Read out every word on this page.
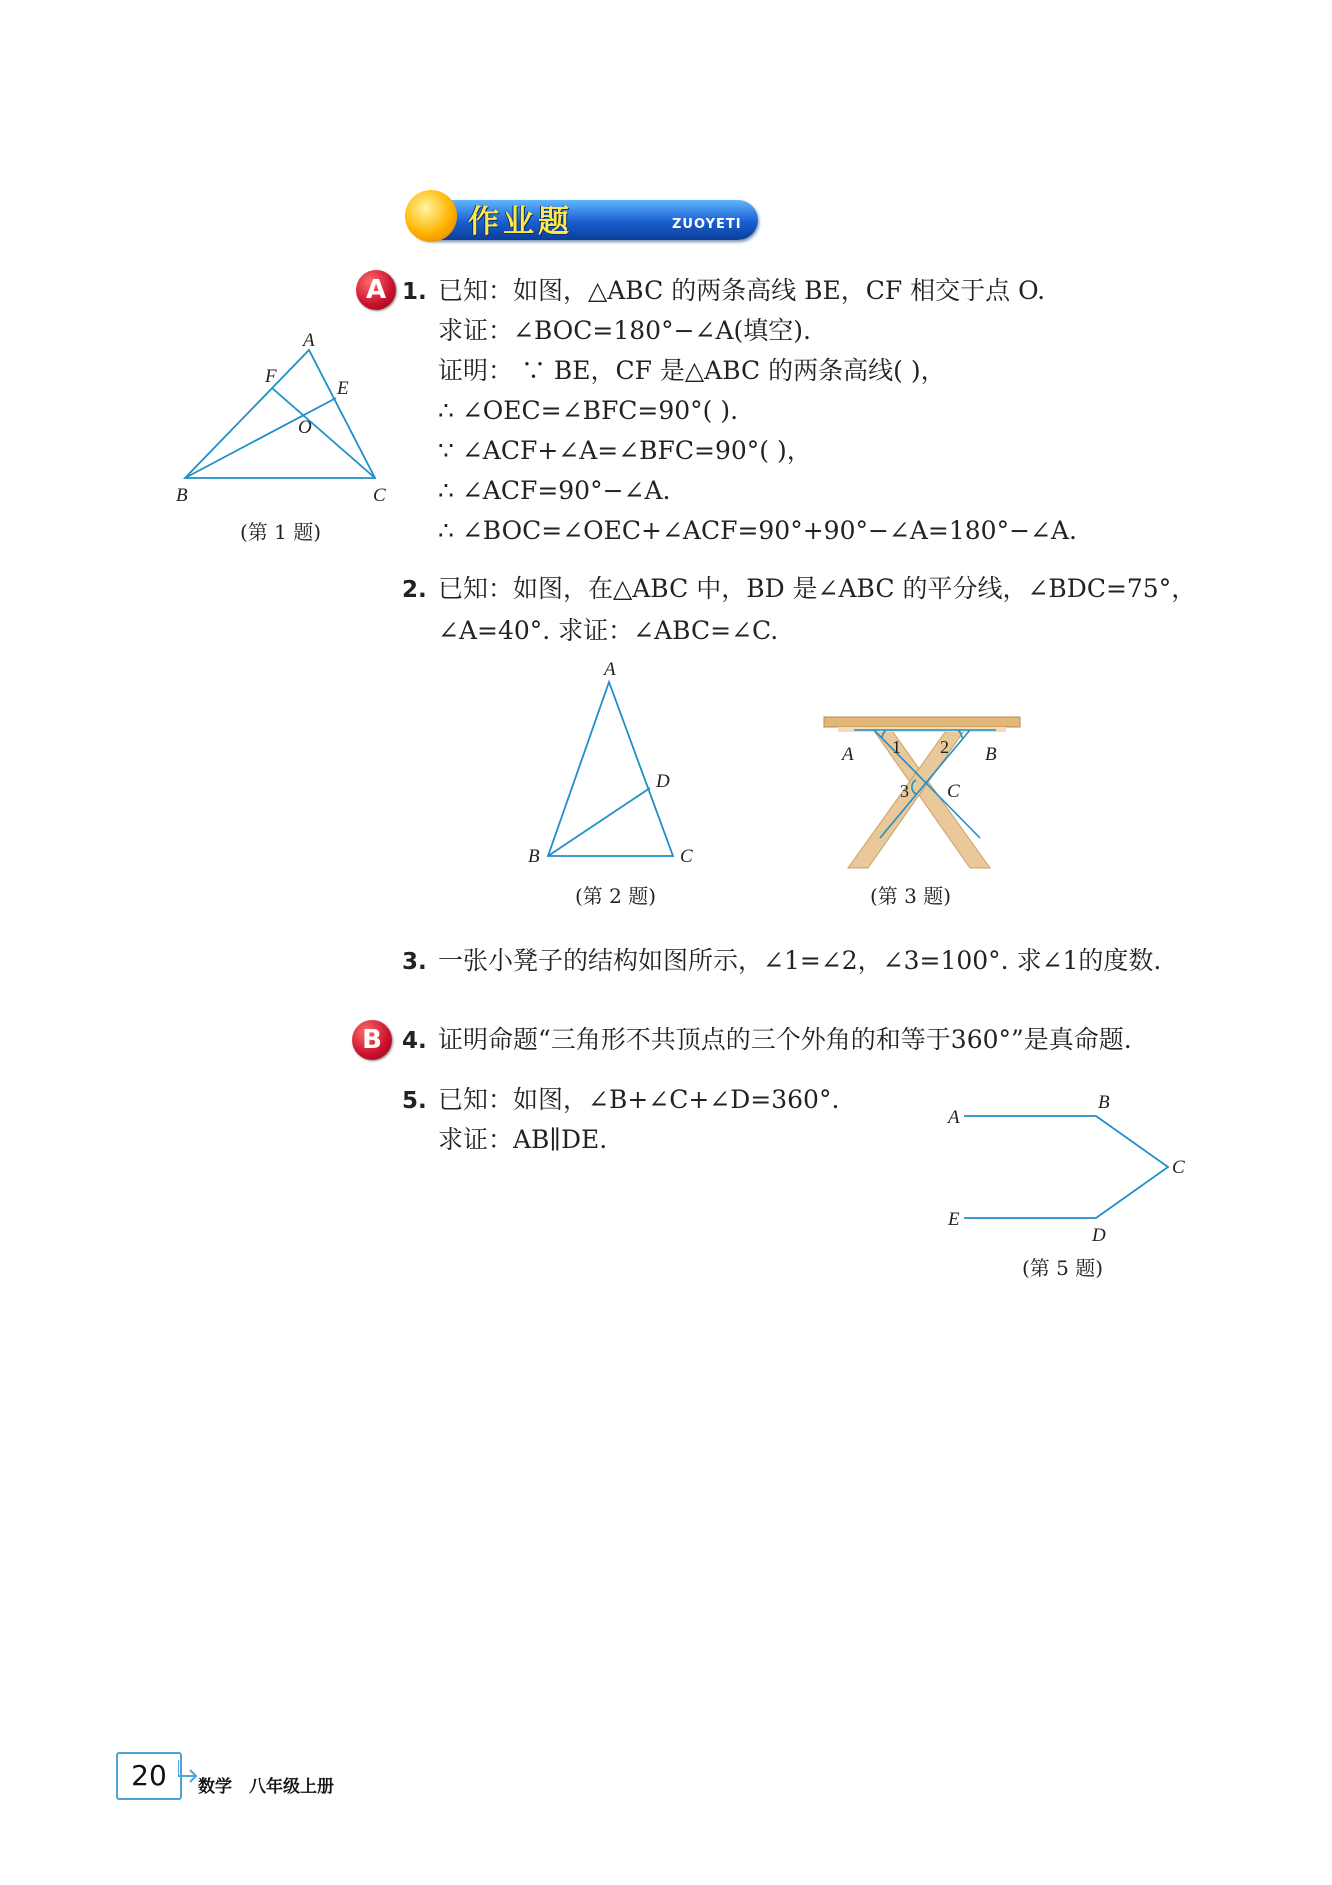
作业题	ZUOYETI
A 1. 已知：如图，△ABC 的两条高线 BE，CF 相交于点 O.
求证：∠BOC=180°−∠A(填空).
证明： ∵ BE，CF 是△ABC 的两条高线( )，
∴ ∠OEC=∠BFC=90°( ).
∵ ∠ACF+∠A=∠BFC=90°( )，
∴ ∠ACF=90°−∠A.
∴ ∠BOC=∠OEC+∠ACF=90°+90°−∠A=180°−∠A.
A
B	C
E
F
O
(第 1 题)
2. 已知：如图，在△ABC 中，BD 是∠ABC 的平分线，∠BDC=75°，
∠A=40°. 求证：∠ABC=∠C.
A
B	C
D
(第 2 题)
A	B
C
1 2
3
(第 3 题)
3. 一张小凳子的结构如图所示，∠1=∠2，∠3=100°. 求∠1的度数.
B 4. 证明命题“三角形不共顶点的三个外角的和等于360°”是真命题.
5. 已知：如图，∠B+∠C+∠D=360°.
求证：AB∥DE.
A
B
C
D
E
(第 5 题)
20	数学　八年级上册
